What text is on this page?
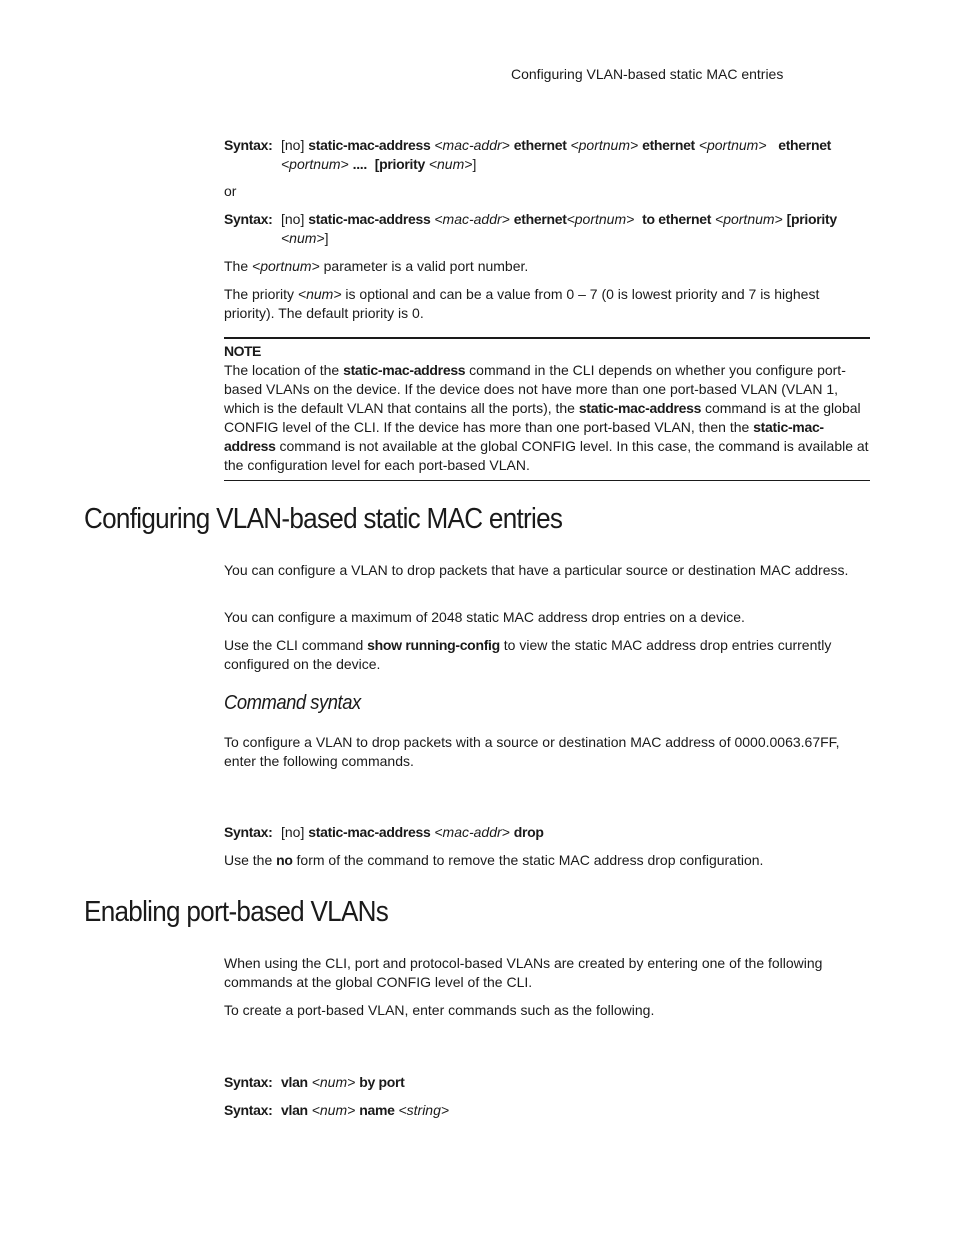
Configuring VLAN-based static MAC entries
Syntax: [no] static-mac-address <mac-addr> ethernet <portnum> ethernet <portnum> ethernet <portnum> .... [priority <num>]
or
Syntax: [no] static-mac-address <mac-addr> ethernet<portnum> to ethernet <portnum> [priority <num>]
The <portnum> parameter is a valid port number.
The priority <num> is optional and can be a value from 0 – 7 (0 is lowest priority and 7 is highest priority). The default priority is 0.
NOTE
The location of the static-mac-address command in the CLI depends on whether you configure port-based VLANs on the device. If the device does not have more than one port-based VLAN (VLAN 1, which is the default VLAN that contains all the ports), the static-mac-address command is at the global CONFIG level of the CLI. If the device has more than one port-based VLAN, then the static-mac-address command is not available at the global CONFIG level. In this case, the command is available at the configuration level for each port-based VLAN.
Configuring VLAN-based static MAC entries
You can configure a VLAN to drop packets that have a particular source or destination MAC address.
You can configure a maximum of 2048 static MAC address drop entries on a device.
Use the CLI command show running-config to view the static MAC address drop entries currently configured on the device.
Command syntax
To configure a VLAN to drop packets with a source or destination MAC address of 0000.0063.67FF, enter the following commands.
Syntax: [no] static-mac-address <mac-addr> drop
Use the no form of the command to remove the static MAC address drop configuration.
Enabling port-based VLANs
When using the CLI, port and protocol-based VLANs are created by entering one of the following commands at the global CONFIG level of the CLI.
To create a port-based VLAN, enter commands such as the following.
Syntax: vlan <num> by port
Syntax: vlan <num> name <string>
